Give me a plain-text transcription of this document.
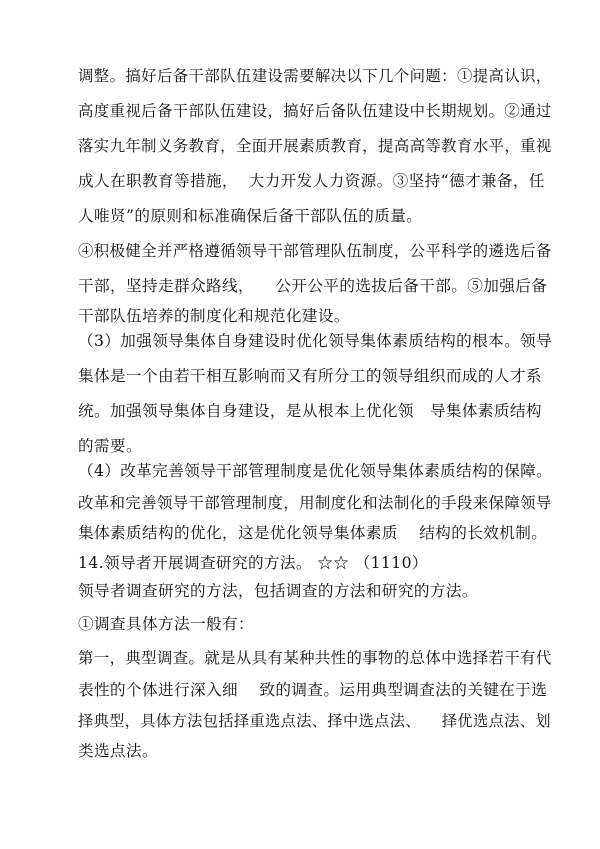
调整。搞好后备干部队伍建设需要解决以下几个问题：①提高认识，

高度重视后备干部队伍建设，搞好后备队伍建设中长期规划。②通过

落实九年制义务教育，全面开展素质教育，提高高等教育水平，重视

成人在职教育等措施，  大力开发人力资源。③坚持“德才兼备，任

人唯贤”的原则和标准确保后备干部队伍的质量。

④积极健全并严格遵循领导干部管理队伍制度，公平科学的遴选后备

干部，坚持走群众路线，    公开公平的选拔后备干部。⑤加强后备

干部队伍培养的制度化和规范化建设。

（3）加强领导集体自身建设时优化领导集体素质结构的根本。领导

集体是一个由若干相互影响而又有所分工的领导组织而成的人才系

统。加强领导集体自身建设，是从根本上优化领   导集体素质结构

的需要。

（4）改革完善领导干部管理制度是优化领导集体素质结构的保障。

改革和完善领导干部管理制度，用制度化和法制化的手段来保障领导

集体素质结构的优化，这是优化领导集体素质    结构的长效机制。

14.领导者开展调查研究的方法。 ☆☆ （1110）

领导者调查研究的方法，包括调查的方法和研究的方法。

①调查具体方法一般有：

第一，典型调查。就是从具有某种共性的事物的总体中选择若干有代

表性的个体进行深入细    致的调查。运用典型调查法的关键在于选

择典型，具体方法包括择重选点法、择中选点法、    择优选点法、划

类选点法。
